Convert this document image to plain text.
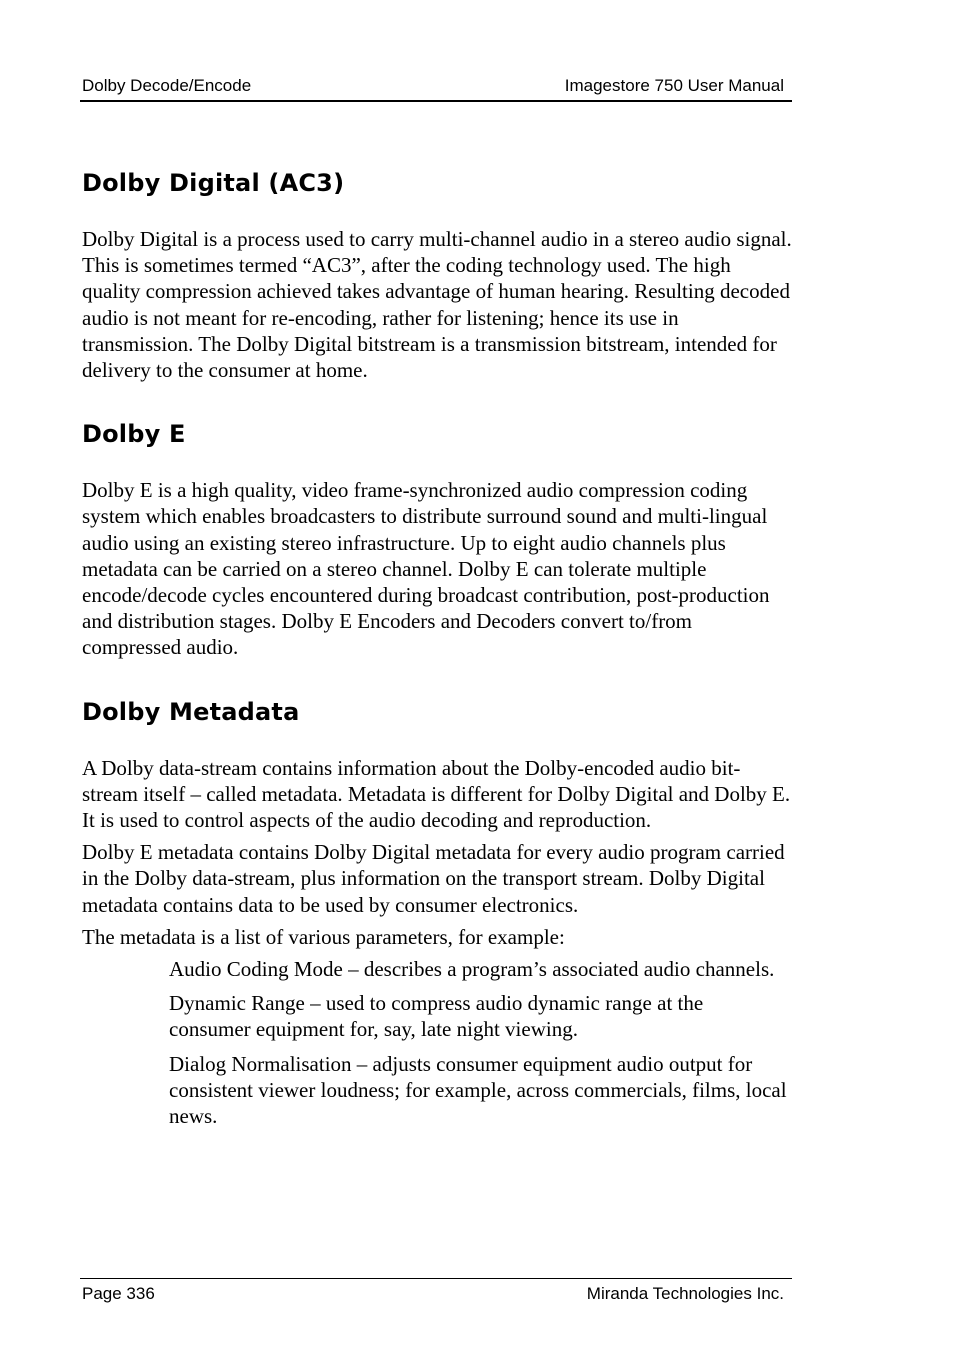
Dolby Decode/Encode	Imagestore 750 User Manual
Dolby Digital (AC3)

Dolby Digital is a process used to carry multi-channel audio in a stereo audio signal. This is sometimes termed “AC3”, after the coding technology used. The high quality compression achieved takes advantage of human hearing. Resulting decoded audio is not meant for re-encoding, rather for listening; hence its use in transmission. The Dolby Digital bitstream is a transmission bitstream, intended for delivery to the consumer at home.

Dolby E

Dolby E is a high quality, video frame-synchronized audio compression coding system which enables broadcasters to distribute surround sound and multi-lingual audio using an existing stereo infrastructure. Up to eight audio channels plus metadata can be carried on a stereo channel. Dolby E can tolerate multiple encode/decode cycles encountered during broadcast contribution, post-production and distribution stages. Dolby E Encoders and Decoders convert to/from compressed audio.

Dolby Metadata

A Dolby data-stream contains information about the Dolby-encoded audio bit-stream itself – called metadata. Metadata is different for Dolby Digital and Dolby E. It is used to control aspects of the audio decoding and reproduction.

Dolby E metadata contains Dolby Digital metadata for every audio program carried in the Dolby data-stream, plus information on the transport stream. Dolby Digital metadata contains data to be used by consumer electronics.

The metadata is a list of various parameters, for example:

Audio Coding Mode – describes a program’s associated audio channels.

Dynamic Range – used to compress audio dynamic range at the consumer equipment for, say, late night viewing.

Dialog Normalisation – adjusts consumer equipment audio output for consistent viewer loudness; for example, across commercials, films, local news.

Page 336	Miranda Technologies Inc.
